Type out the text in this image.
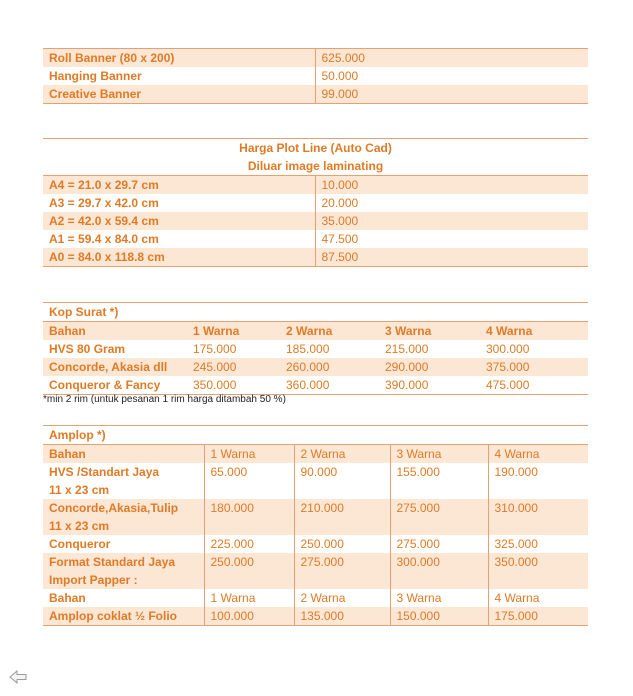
Roll Banner (80 x 200)	625.000
Hanging Banner	50.000
Creative Banner	99.000
Harga Plot Line (Auto Cad)	
Diluar image laminating	
A4 = 21.0 x 29.7 cm	10.000
A3 = 29.7 x 42.0 cm	20.000
A2 = 42.0 x 59.4 cm	35.000
A1 = 59.4 x 84.0 cm	47.500
A0 = 84.0 x 118.8 cm	87.500
Kop Surat *)				
Bahan	1 Warna	2 Warna	3 Warna	4 Warna
HVS 80 Gram	175.000	185.000	215.000	300.000
Concorde, Akasia dll	245.000	260.000	290.000	375.000
Conqueror & Fancy	350.000	360.000	390.000	475.000
*min 2 rim (untuk pesanan 1 rim harga ditambah 50 %)
Amplop *)				
Bahan	1 Warna	2 Warna	3 Warna	4 Warna
HVS /Standart Jaya	65.000	90.000	155.000	190.000
11 x 23 cm				
Concorde,Akasia,Tulip	180.000	210.000	275.000	310.000
11 x 23 cm				
Conqueror	225.000	250.000	275.000	325.000
Format Standard Jaya	250.000	275.000	300.000	350.000
Import Papper :				
Bahan	1 Warna	2 Warna	3 Warna	4 Warna
Amplop coklat ½ Folio	100.000	135.000	150.000	175.000
